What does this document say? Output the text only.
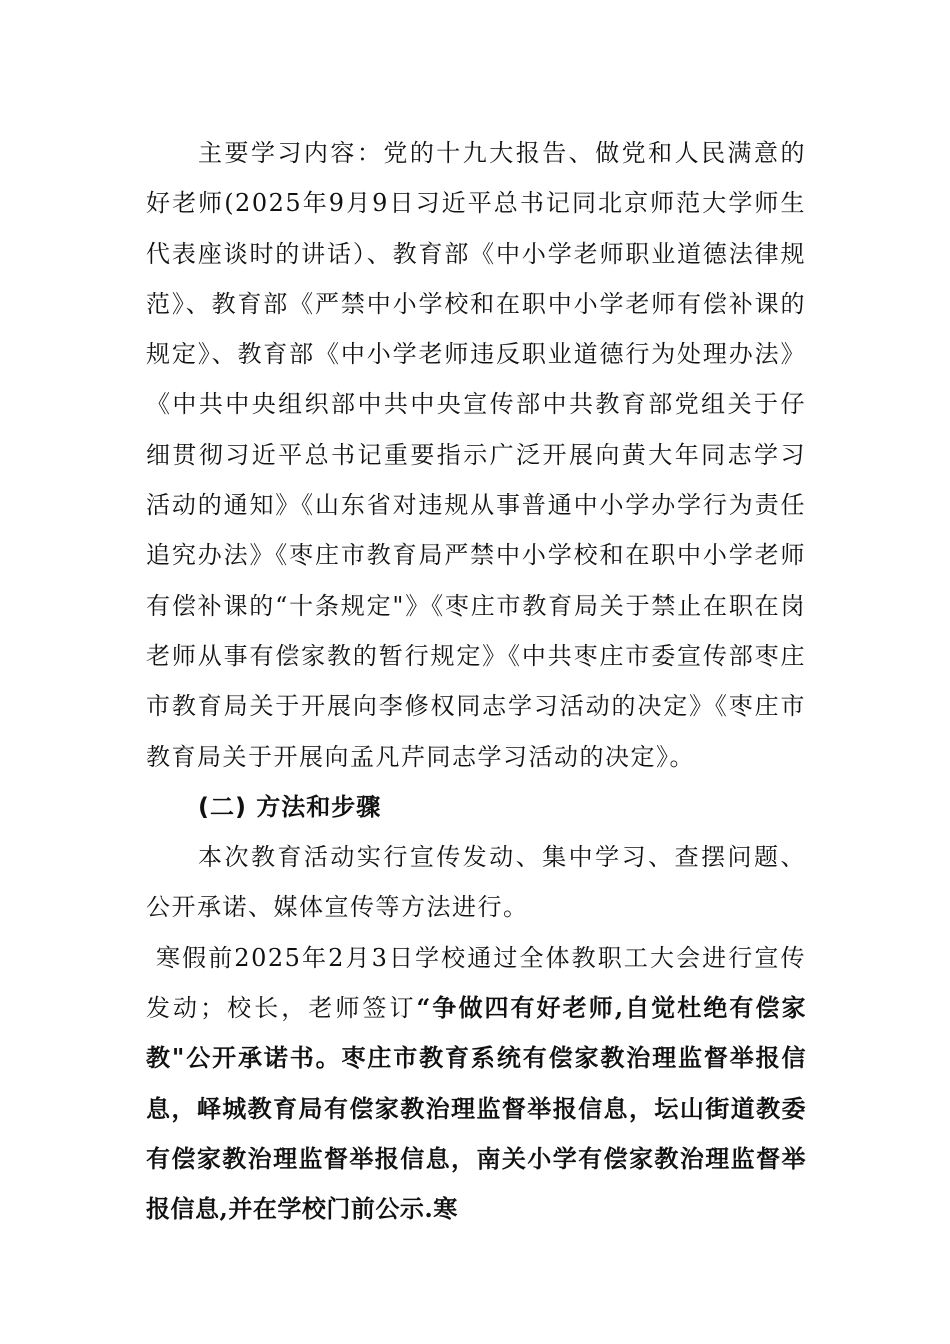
主要学习内容：党的十九大报告、做党和人民满意的好老师(2025年9月9日习近平总书记同北京师范大学师生代表座谈时的讲话）、教育部《中小学老师职业道德法律规范》、教育部《严禁中小学校和在职中小学老师有偿补课的规定》、教育部《中小学老师违反职业道德行为处理办法》《中共中央组织部中共中央宣传部中共教育部党组关于仔细贯彻习近平总书记重要指示广泛开展向黄大年同志学习活动的通知》《山东省对违规从事普通中小学办学行为责任追究办法》《枣庄市教育局严禁中小学校和在职中小学老师有偿补课的“十条规定"》《枣庄市教育局关于禁止在职在岗老师从事有偿家教的暂行规定》《中共枣庄市委宣传部枣庄市教育局关于开展向李修权同志学习活动的决定》《枣庄市教育局关于开展向孟凡芹同志学习活动的决定》。

(二) 方法和步骤

本次教育活动实行宣传发动、集中学习、查摆问题、公开承诺、媒体宣传等方法进行。

寒假前2025年2月3日学校通过全体教职工大会进行宣传发动；校长，老师签订“争做四有好老师,自觉杜绝有偿家教"公开承诺书。枣庄市教育系统有偿家教治理监督举报信息，峄城教育局有偿家教治理监督举报信息，坛山街道教委有偿家教治理监督举报信息，南关小学有偿家教治理监督举报信息,并在学校门前公示.寒
